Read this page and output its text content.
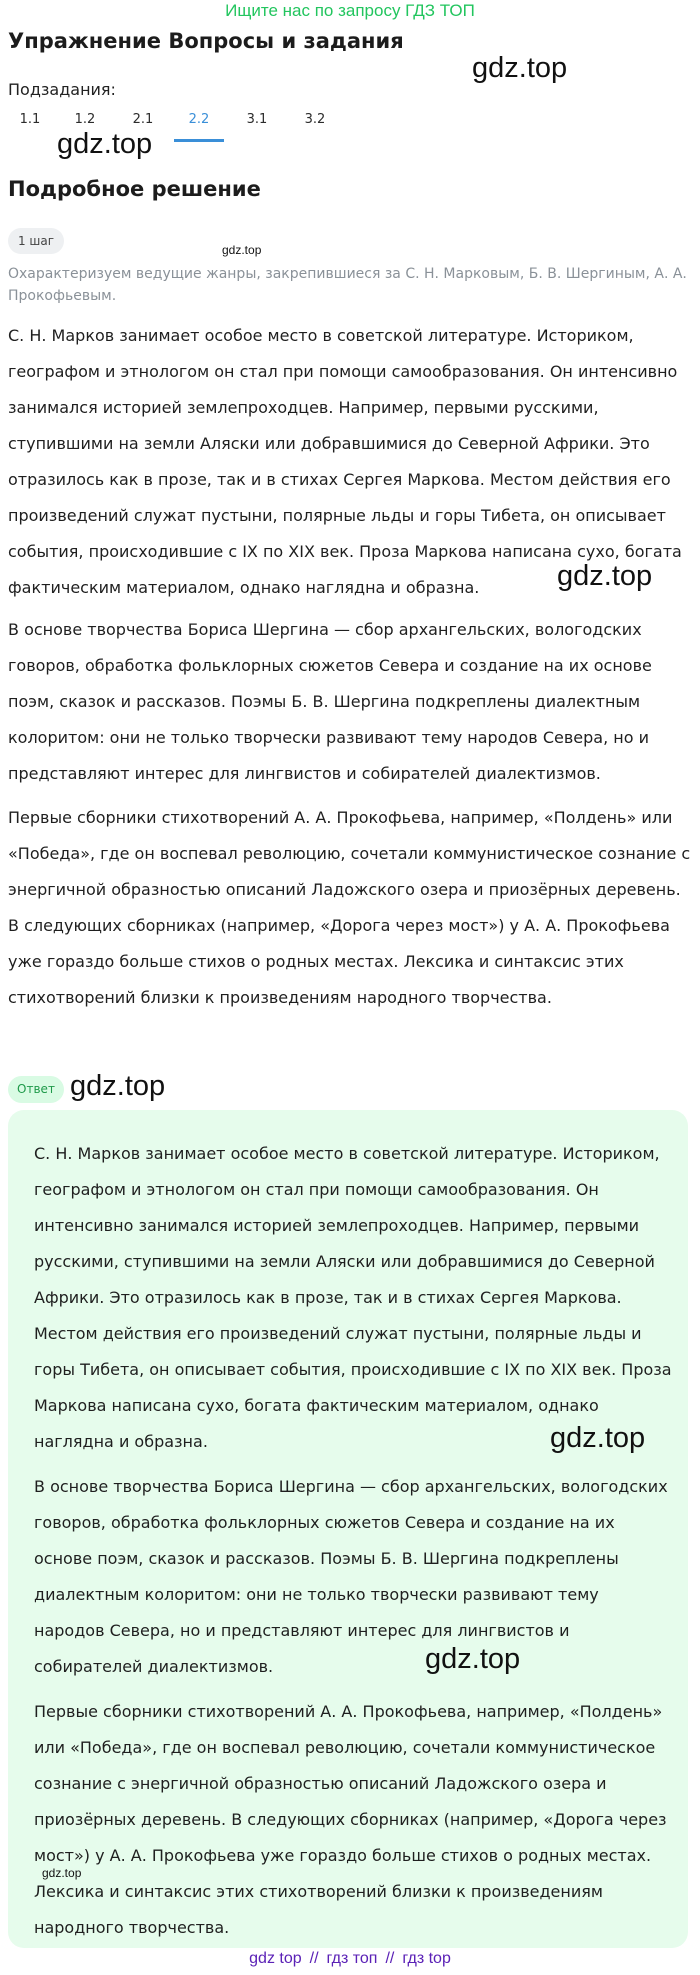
Ищите нас по запросу ГДЗ ТОП
Упражнение Вопросы и задания
gdz.top
Подзадания:
1.1	1.2	2.1	2.2	3.1	3.2
gdz.top
Подробное решение
1 шаг
gdz.top
Охарактеризуем ведущие жанры, закрепившиеся за С. Н. Марковым, Б. В. Шергиным, А. А. Прокофьевым.
С. Н. Марков занимает особое место в советской литературе. Историком, географом и этнологом он стал при помощи самообразования. Он интенсивно занимался историей землепроходцев. Например, первыми русскими, ступившими на земли Аляски или добравшимися до Северной Африки. Это отразилось как в прозе, так и в стихах Сергея Маркова. Местом действия его произведений служат пустыни, полярные льды и горы Тибета, он описывает события, происходившие с IX по XIX век. Проза Маркова написана сухо, богата фактическим материалом, однако наглядна и образна.	gdz.top
В основе творчества Бориса Шергина — сбор архангельских, вологодских говоров, обработка фольклорных сюжетов Севера и создание на их основе поэм, сказок и рассказов. Поэмы Б. В. Шергина подкреплены диалектным колоритом: они не только творчески развивают тему народов Севера, но и представляют интерес для лингвистов и собирателей диалектизмов.
Первые сборники стихотворений А. А. Прокофьева, например, «Полдень» или «Победа», где он воспевал революцию, сочетали коммунистическое сознание с энергичной образностью описаний Ладожского озера и приозёрных деревень. В следующих сборниках (например, «Дорога через мост») у А. А. Прокофьева уже гораздо больше стихов о родных местах. Лексика и синтаксис этих стихотворений близки к произведениям народного творчества.
Ответ gdz.top
С. Н. Марков занимает особое место в советской литературе. Историком, географом и этнологом он стал при помощи самообразования. Он интенсивно занимался историей землепроходцев. Например, первыми русскими, ступившими на земли Аляски или добравшимися до Северной Африки. Это отразилось как в прозе, так и в стихах Сергея Маркова. Местом действия его произведений служат пустыни, полярные льды и горы Тибета, он описывает события, происходившие с IX по XIX век. Проза Маркова написана сухо, богата фактическим материалом, однако наглядна и образна.	gdz.top
В основе творчества Бориса Шергина — сбор архангельских, вологодских говоров, обработка фольклорных сюжетов Севера и создание на их основе поэм, сказок и рассказов. Поэмы Б. В. Шергина подкреплены диалектным колоритом: они не только творчески развивают тему народов Севера, но и представляют интерес для лингвистов и собирателей диалектизмов.	gdz.top
Первые сборники стихотворений А. А. Прокофьева, например, «Полдень» или «Победа», где он воспевал революцию, сочетали коммунистическое сознание с энергичной образностью описаний Ладожского озера и приозёрных деревень. В следующих сборниках (например, «Дорога через мост») у А. А. Прокофьева уже гораздо больше стихов о родных местах. Лексика и синтаксис этих стихотворений близки к произведениям народного творчества.
gdz.top
gdz top // гдз топ // гдз top
